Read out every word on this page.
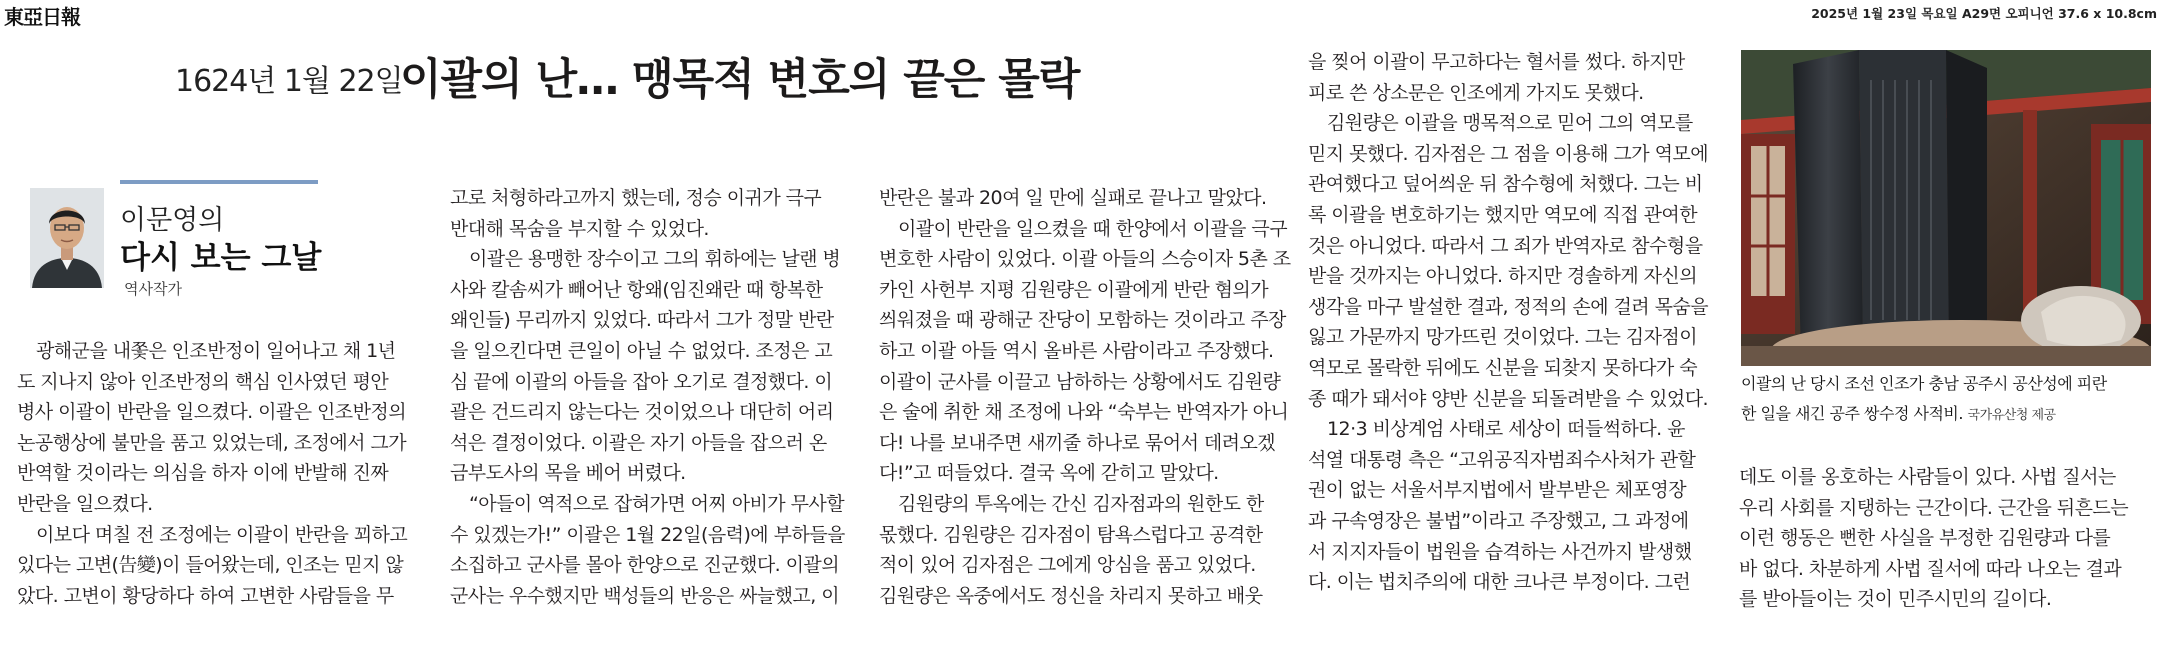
東亞日報	2025년 1월 23일 목요일 A29면 오피니언 37.6 x 10.8cm
1624년 1월 22일
이괄의 난… 맹목적 변호의 끝은 몰락
이문영의
다시 보는 그날
역사작가

광해군을 내쫓은 인조반정이 일어나고 채 1년

도 지나지 않아 인조반정의 핵심 인사였던 평안

병사 이괄이 반란을 일으켰다. 이괄은 인조반정의

논공행상에 불만을 품고 있었는데, 조정에서 그가

반역할 것이라는 의심을 하자 이에 반발해 진짜

반란을 일으켰다.

이보다 며칠 전 조정에는 이괄이 반란을 꾀하고

있다는 고변(告變)이 들어왔는데, 인조는 믿지 않

았다. 고변이 황당하다 하여 고변한 사람들을 무

고로 처형하라고까지 했는데, 정승 이귀가 극구

반대해 목숨을 부지할 수 있었다.

이괄은 용맹한 장수이고 그의 휘하에는 날랜 병

사와 칼솜씨가 빼어난 항왜(임진왜란 때 항복한

왜인들) 무리까지 있었다. 따라서 그가 정말 반란

을 일으킨다면 큰일이 아닐 수 없었다. 조정은 고

심 끝에 이괄의 아들을 잡아 오기로 결정했다. 이

괄은 건드리지 않는다는 것이었으나 대단히 어리

석은 결정이었다. 이괄은 자기 아들을 잡으러 온

금부도사의 목을 베어 버렸다.

“아들이 역적으로 잡혀가면 어찌 아비가 무사할

수 있겠는가!” 이괄은 1월 22일(음력)에 부하들을

소집하고 군사를 몰아 한양으로 진군했다. 이괄의

군사는 우수했지만 백성들의 반응은 싸늘했고, 이

반란은 불과 20여 일 만에 실패로 끝나고 말았다.

이괄이 반란을 일으켰을 때 한양에서 이괄을 극구

변호한 사람이 있었다. 이괄 아들의 스승이자 5촌 조

카인 사헌부 지평 김원량은 이괄에게 반란 혐의가

씌워졌을 때 광해군 잔당이 모함하는 것이라고 주장

하고 이괄 아들 역시 올바른 사람이라고 주장했다.

이괄이 군사를 이끌고 남하하는 상황에서도 김원량

은 술에 취한 채 조정에 나와 “숙부는 반역자가 아니

다! 나를 보내주면 새끼줄 하나로 묶어서 데려오겠

다!”고 떠들었다. 결국 옥에 갇히고 말았다.

김원량의 투옥에는 간신 김자점과의 원한도 한

몫했다. 김원량은 김자점이 탐욕스럽다고 공격한

적이 있어 김자점은 그에게 앙심을 품고 있었다.

김원량은 옥중에서도 정신을 차리지 못하고 배웃

을 찢어 이괄이 무고하다는 혈서를 썼다. 하지만

피로 쓴 상소문은 인조에게 가지도 못했다.

김원량은 이괄을 맹목적으로 믿어 그의 역모를

믿지 못했다. 김자점은 그 점을 이용해 그가 역모에

관여했다고 덮어씌운 뒤 참수형에 처했다. 그는 비

록 이괄을 변호하기는 했지만 역모에 직접 관여한

것은 아니었다. 따라서 그 죄가 반역자로 참수형을

받을 것까지는 아니었다. 하지만 경솔하게 자신의

생각을 마구 발설한 결과, 정적의 손에 걸려 목숨을

잃고 가문까지 망가뜨린 것이었다. 그는 김자점이

역모로 몰락한 뒤에도 신분을 되찾지 못하다가 숙

종 때가 돼서야 양반 신분을 되돌려받을 수 있었다.

12·3 비상계엄 사태로 세상이 떠들썩하다. 윤

석열 대통령 측은 “고위공직자범죄수사처가 관할

권이 없는 서울서부지법에서 발부받은 체포영장

과 구속영장은 불법”이라고 주장했고, 그 과정에

서 지지자들이 법원을 습격하는 사건까지 발생했

다. 이는 법치주의에 대한 크나큰 부정이다. 그런

데도 이를 옹호하는 사람들이 있다. 사법 질서는

우리 사회를 지탱하는 근간이다. 근간을 뒤흔드는

이런 행동은 뻔한 사실을 부정한 김원량과 다를

바 없다. 차분하게 사법 질서에 따라 나오는 결과

를 받아들이는 것이 민주시민의 길이다.

이괄의 난 당시 조선 인조가 충남 공주시 공산성에 피란
한 일을 새긴 공주 쌍수정 사적비. 국가유산청 제공
